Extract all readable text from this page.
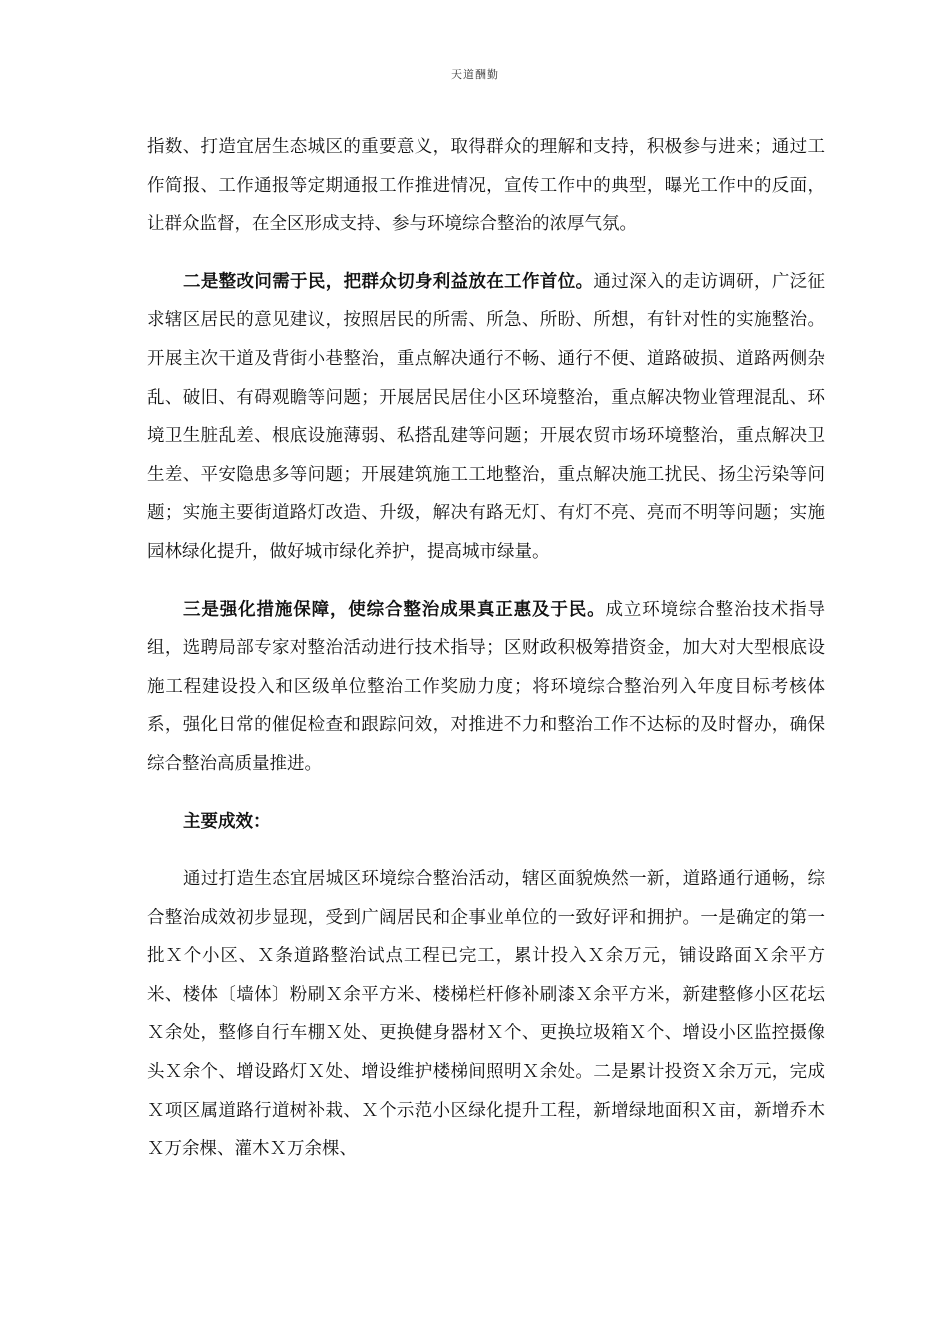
天道酬勤

指数、打造宜居生态城区的重要意义，取得群众的理解和支持，积极参与进来；通过工作简报、工作通报等定期通报工作推进情况，宣传工作中的典型，曝光工作中的反面，让群众监督，在全区形成支持、参与环境综合整治的浓厚气氛。

二是整改问需于民，把群众切身利益放在工作首位。通过深入的走访调研，广泛征求辖区居民的意见建议，按照居民的所需、所急、所盼、所想，有针对性的实施整治。开展主次干道及背街小巷整治，重点解决通行不畅、通行不便、道路破损、道路两侧杂乱、破旧、有碍观瞻等问题；开展居民居住小区环境整治，重点解决物业管理混乱、环境卫生脏乱差、根底设施薄弱、私搭乱建等问题；开展农贸市场环境整治，重点解决卫生差、平安隐患多等问题；开展建筑施工工地整治，重点解决施工扰民、扬尘污染等问题；实施主要街道路灯改造、升级，解决有路无灯、有灯不亮、亮而不明等问题；实施园林绿化提升，做好城市绿化养护，提高城市绿量。

三是强化措施保障，使综合整治成果真正惠及于民。成立环境综合整治技术指导组，选聘局部专家对整治活动进行技术指导；区财政积极筹措资金，加大对大型根底设施工程建设投入和区级单位整治工作奖励力度；将环境综合整治列入年度目标考核体系，强化日常的催促检查和跟踪问效，对推进不力和整治工作不达标的及时督办，确保综合整治高质量推进。

主要成效：

通过打造生态宜居城区环境综合整治活动，辖区面貌焕然一新，道路通行通畅，综合整治成效初步显现，受到广阔居民和企事业单位的一致好评和拥护。一是确定的第一批Ｘ个小区、Ｘ条道路整治试点工程已完工，累计投入Ｘ余万元，铺设路面Ｘ余平方米、楼体〔墙体〕粉刷Ｘ余平方米、楼梯栏杆修补刷漆Ｘ余平方米，新建整修小区花坛Ｘ余处，整修自行车棚Ｘ处、更换健身器材Ｘ个、更换垃圾箱Ｘ个、增设小区监控摄像头Ｘ余个、增设路灯Ｘ处、增设维护楼梯间照明Ｘ余处。二是累计投资Ｘ余万元，完成Ｘ项区属道路行道树补栽、Ｘ个示范小区绿化提升工程，新增绿地面积Ｘ亩，新增乔木Ｘ万余棵、灌木Ｘ万余棵、
